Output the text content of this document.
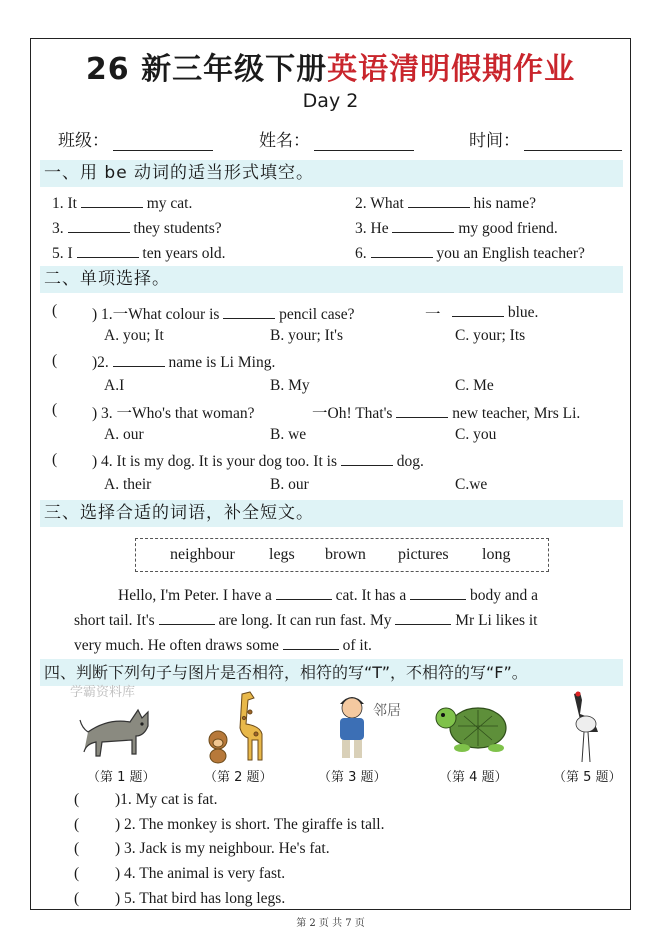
26 新三年级下册英语清明假期作业
Day 2
班级：	姓名：	时间：
一、用 be 动词的适当形式填空。
1. It	my cat.	2. What	his name?
3.	they students?	3. He	my good friend.
5. I	ten years old.	6.	you an English teacher?
二、单项选择。
( ) 1.一What colour is	pencil case?	一	blue.
A. you; It	B. your; It's	C. your; Its
( )2.	name is Li Ming.
A.I	B. My	C. Me
( ) 3. 一Who's that woman?	一Oh! That's	new teacher, Mrs Li.
A. our	B. we	C. you
( ) 4. It is my dog. It is your dog too. It is	dog.
A. their	B. our	C.we
三、选择合适的词语，补全短文。
neighbour legs brown pictures long
Hello, I'm Peter. I have a	cat. It has a	body and a
short tail. It's	are long. It can run fast. My	Mr Li likes it
very much. He often draws some	of it.
四、判断下列句子与图片是否相符，相符的写“T”，不相符的写“F”。
学霸资料库
邻居
（第 1 题）	（第 2 题）	（第 3 题）	（第 4 题）	（第 5 题）
( )1. My cat is fat.
( ) 2. The monkey is short. The giraffe is tall.
( ) 3. Jack is my neighbour. He's fat.
( ) 4. The animal is very fast.
( ) 5. That bird has long legs.
第 2 页 共 7 页
